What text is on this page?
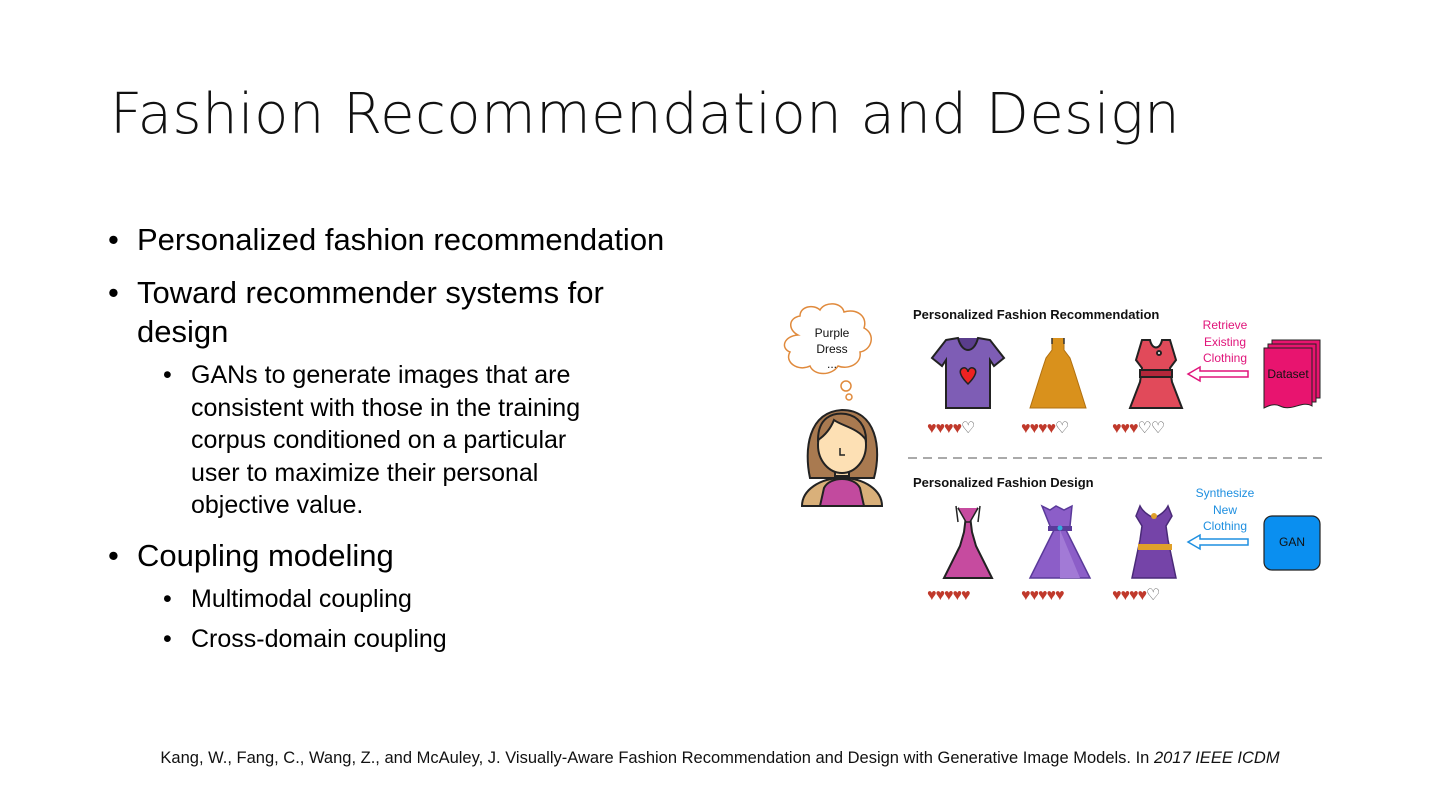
Fashion Recommendation and Design
• Personalized fashion recommendation
• Toward recommender systems for
design
• GANs to generate images that are consistent with those in the training corpus conditioned on a particular user to maximize their personal objective value.
• Coupling modeling
• Multimodal coupling
• Cross-domain coupling
Purple
Dress
...
Personalized Fashion Recommendation
Personalized Fashion Design
Retrieve
Existing
Clothing
Synthesize
New
Clothing
Dataset
GAN
♥♥♥♥♡	♥♥♥♥♡	♥♥♥♡♡
♥♥♥♥♥	♥♥♥♥♥	♥♥♥♥♡
Kang, W., Fang, C., Wang, Z., and McAuley, J. Visually-Aware Fashion Recommendation and Design with Generative Image Models. In 2017 IEEE ICDM
